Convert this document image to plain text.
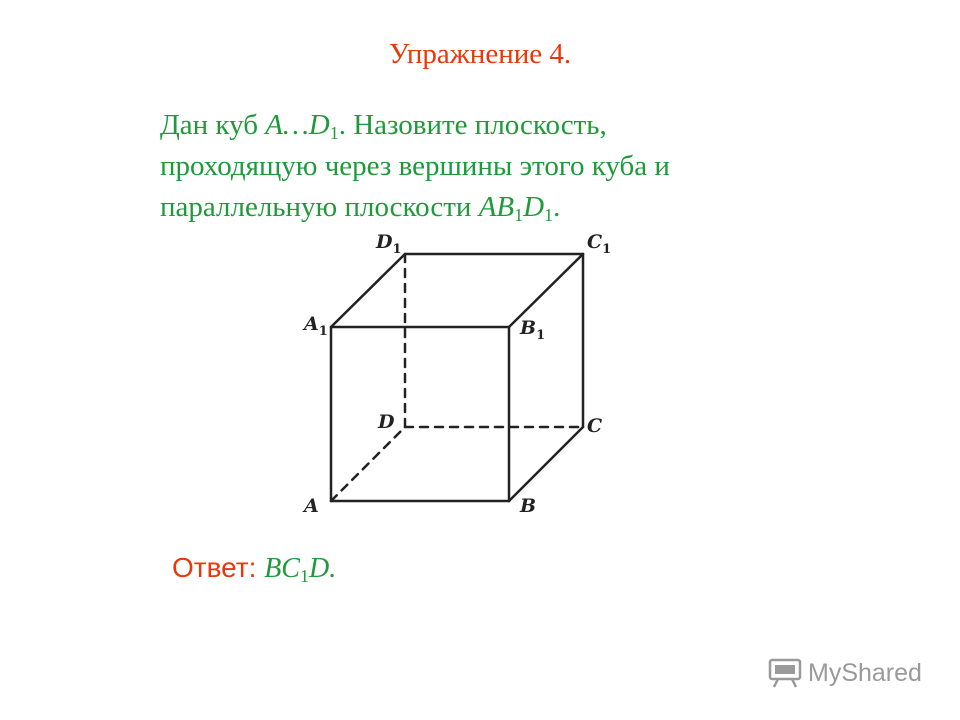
Упражнение 4.
Дан куб $A\dots D_1$. Назовите плоскость,
проходящую через вершины этого куба и
параллельную плоскости $AB_1D_1$.
A	B
C
D
$A_1$	$B_1$
$C_1$
$D_1$
Ответ: $BC_1D$.
MyShared
